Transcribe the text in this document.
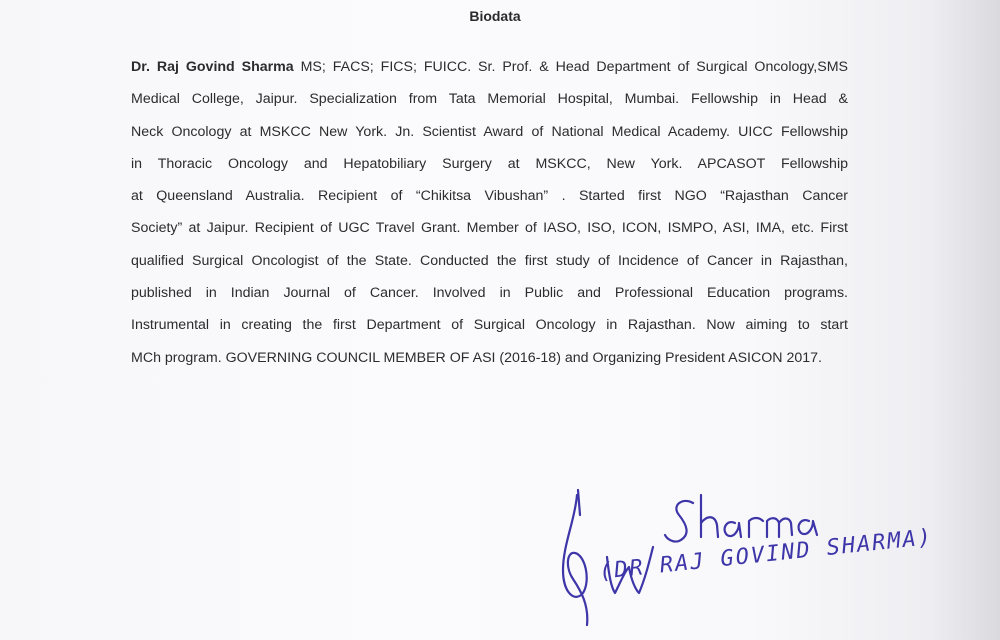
Biodata
Dr. Raj Govind Sharma MS; FACS; FICS; FUICC. Sr. Prof. & Head Department of Surgical Oncology,SMS
Medical College, Jaipur. Specialization from Tata Memorial Hospital, Mumbai. Fellowship in Head &
Neck Oncology at MSKCC New York. Jn. Scientist Award of National Medical Academy. UICC Fellowship
in Thoracic Oncology and Hepatobiliary Surgery at MSKCC, New York. APCASOT Fellowship
at Queensland Australia. Recipient of “Chikitsa Vibushan” . Started first NGO “Rajasthan Cancer
Society” at Jaipur. Recipient of UGC Travel Grant. Member of IASO, ISO, ICON, ISMPO, ASI, IMA, etc. First
qualified Surgical Oncologist of the State. Conducted the first study of Incidence of Cancer in Rajasthan,
published in Indian Journal of Cancer. Involved in Public and Professional Education programs.
Instrumental in creating the first Department of Surgical Oncology in Rajasthan. Now aiming to start
MCh program. GOVERNING COUNCIL MEMBER OF ASI (2016-18) and Organizing President ASICON 2017.
(DR RAJ GOVIND SHARMA)
